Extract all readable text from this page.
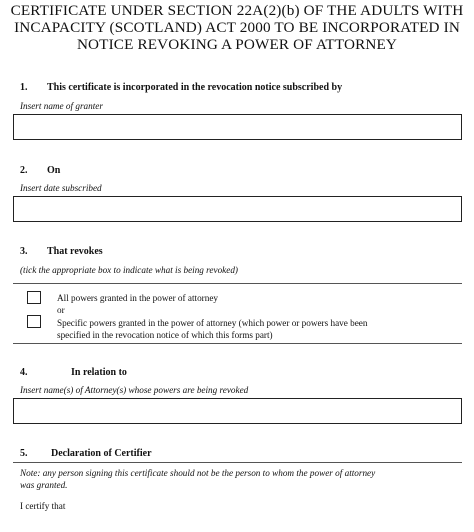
CERTIFICATE UNDER SECTION 22A(2)(b) OF THE ADULTS WITH
INCAPACITY (SCOTLAND) ACT 2000 TO BE INCORPORATED IN
NOTICE REVOKING A POWER OF ATTORNEY
1. This certificate is incorporated in the revocation notice subscribed by
Insert name of granter
2. On
Insert date subscribed
3. That revokes
(tick the appropriate box to indicate what is being revoked)
All powers granted in the power of attorney
or
Specific powers granted in the power of attorney (which power or powers have been
specified in the revocation notice of which this forms part)
4.	In relation to
Insert name(s) of Attorney(s) whose powers are being revoked
5. Declaration of Certifier
Note: any person signing this certificate should not be the person to whom the power of attorney
was granted.
I certify that
